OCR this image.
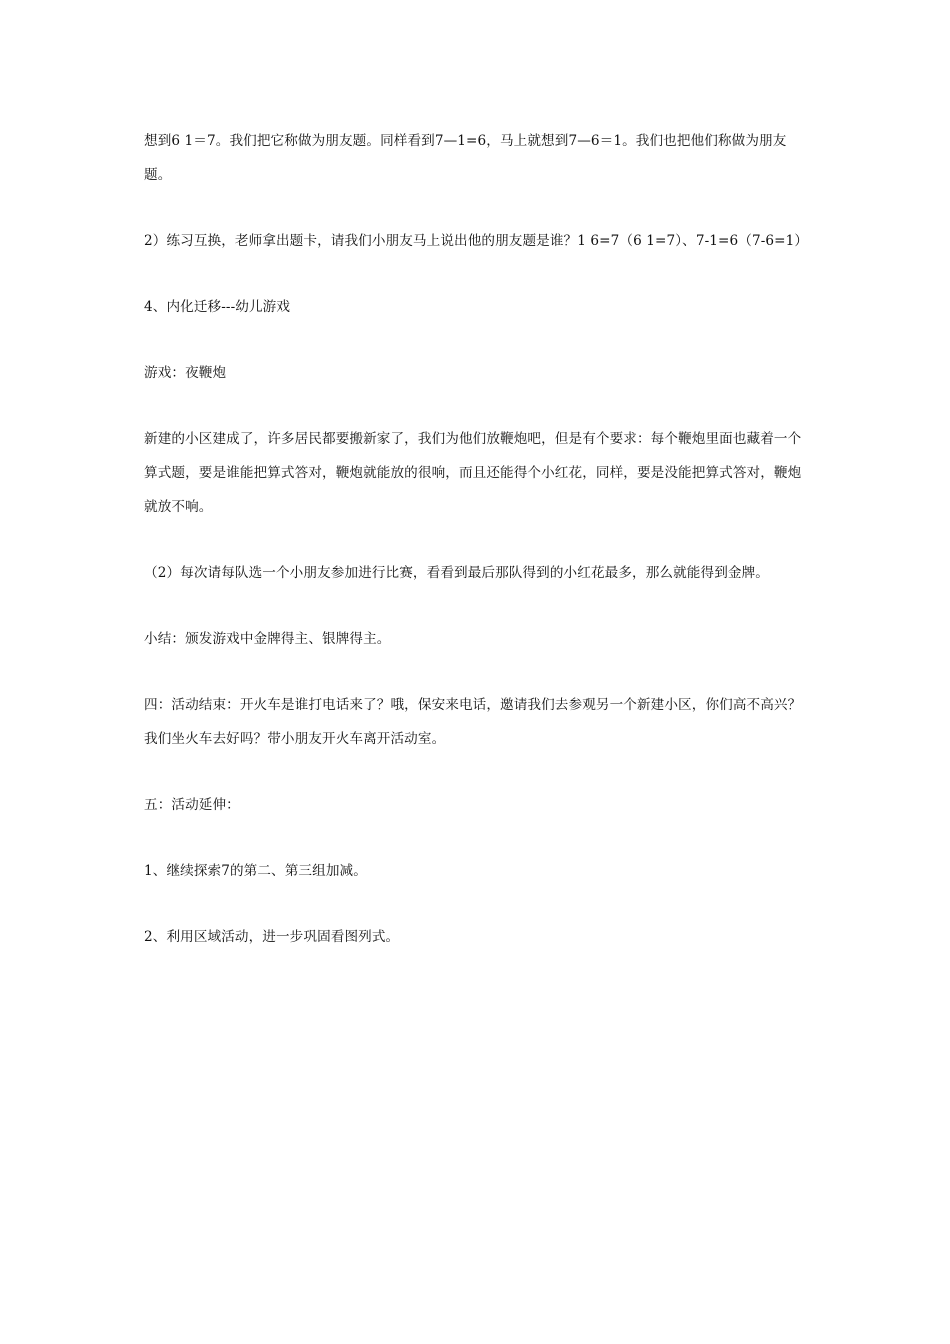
想到6 1＝7。我们把它称做为朋友题。同样看到7—1=6，马上就想到7—6＝1。我们也把他们称做为朋友题。

2）练习互换，老师拿出题卡，请我们小朋友马上说出他的朋友题是谁？1 6=7（6 1=7）、7-1=6（7-6=1）

4、内化迁移---幼儿游戏

游戏：夜鞭炮

新建的小区建成了，许多居民都要搬新家了，我们为他们放鞭炮吧，但是有个要求：每个鞭炮里面也藏着一个算式题，要是谁能把算式答对，鞭炮就能放的很响，而且还能得个小红花，同样，要是没能把算式答对，鞭炮就放不响。

（2）每次请每队选一个小朋友参加进行比赛，看看到最后那队得到的小红花最多，那么就能得到金牌。

小结：颁发游戏中金牌得主、银牌得主。

四：活动结束：开火车是谁打电话来了？哦，保安来电话，邀请我们去参观另一个新建小区，你们高不高兴？我们坐火车去好吗？带小朋友开火车离开活动室。

五：活动延伸：

1、继续探索7的第二、第三组加减。

2、利用区域活动，进一步巩固看图列式。
